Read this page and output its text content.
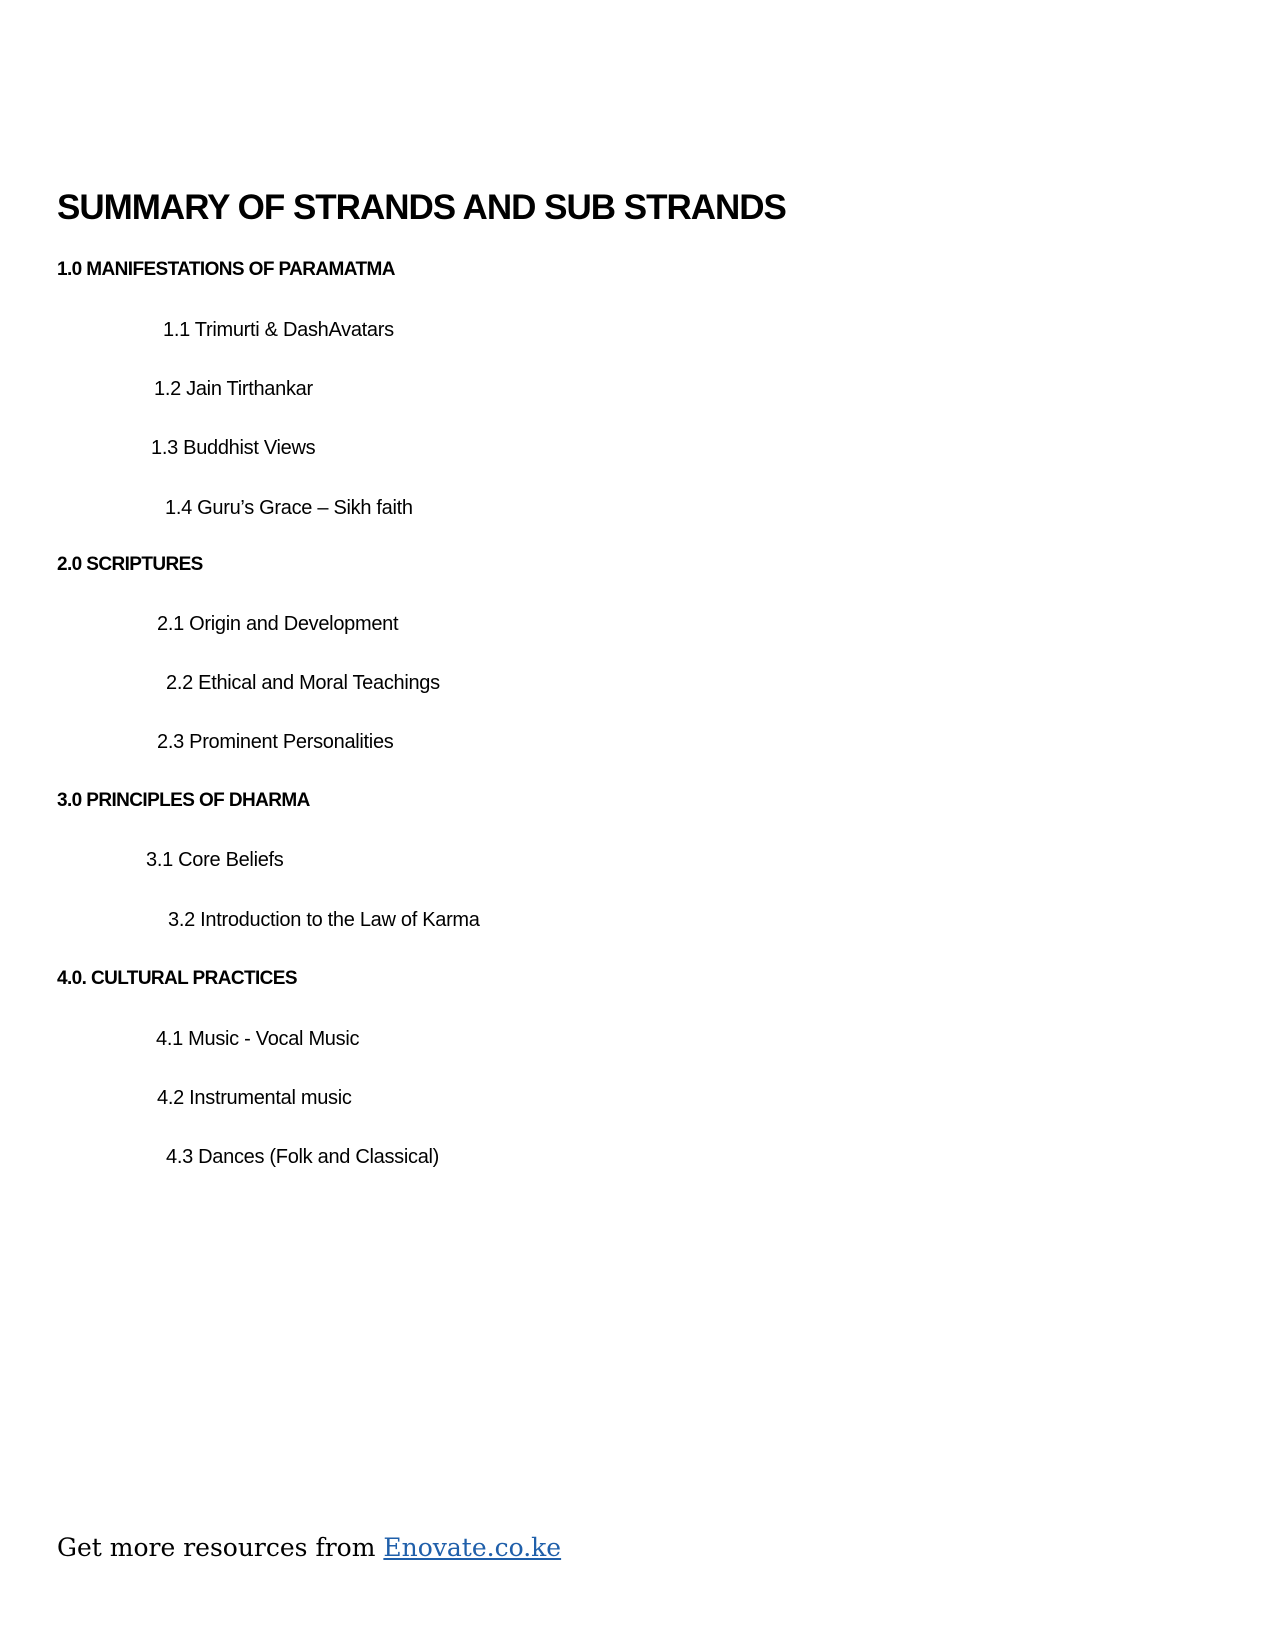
SUMMARY OF STRANDS AND SUB STRANDS
1.0 MANIFESTATIONS OF PARAMATMA
1.1 Trimurti & DashAvatars
1.2 Jain Tirthankar
1.3 Buddhist Views
1.4 Guru’s Grace – Sikh faith
2.0 SCRIPTURES
2.1 Origin and Development
2.2 Ethical and Moral Teachings
2.3 Prominent Personalities
3.0 PRINCIPLES OF DHARMA
3.1 Core Beliefs
3.2 Introduction to the Law of Karma
4.0. CULTURAL PRACTICES
4.1 Music - Vocal Music
4.2 Instrumental music
4.3 Dances (Folk and Classical)
Get more resources from Enovate.co.ke
